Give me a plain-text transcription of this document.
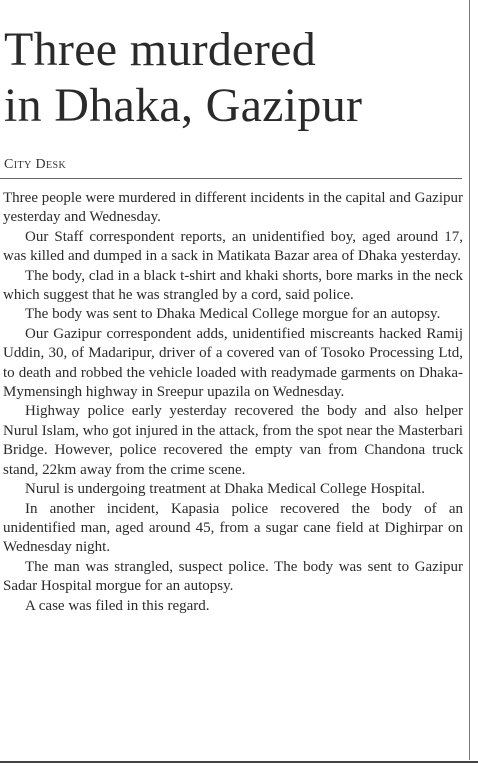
Three murdered
in Dhaka, Gazipur
City Desk

Three people were murdered in different incidents in the capital and Gazipur yesterday and Wednesday.

Our Staff correspondent reports, an unidentified boy, aged around 17, was killed and dumped in a sack in Matikata Bazar area of Dhaka yesterday.

The body, clad in a black t-shirt and khaki shorts, bore marks in the neck which suggest that he was strangled by a cord, said police.

The body was sent to Dhaka Medical College morgue for an autopsy.

Our Gazipur correspondent adds, unidentified miscreants hacked Ramij Uddin, 30, of Madaripur, driver of a covered van of Tosoko Processing Ltd, to death and robbed the vehicle loaded with readymade garments on Dhaka-Mymensingh highway in Sreepur upazila on Wednesday.

Highway police early yesterday recovered the body and also helper Nurul Islam, who got injured in the attack, from the spot near the Masterbari Bridge. However, police recovered the empty van from Chandona truck stand, 22km away from the crime scene.

Nurul is undergoing treatment at Dhaka Medical College Hospital.

In another incident, Kapasia police recovered the body of an unidentified man, aged around 45, from a sugar cane field at Dighirpar on Wednesday night.

The man was strangled, suspect police. The body was sent to Gazipur Sadar Hospital morgue for an autopsy.

A case was filed in this regard.
